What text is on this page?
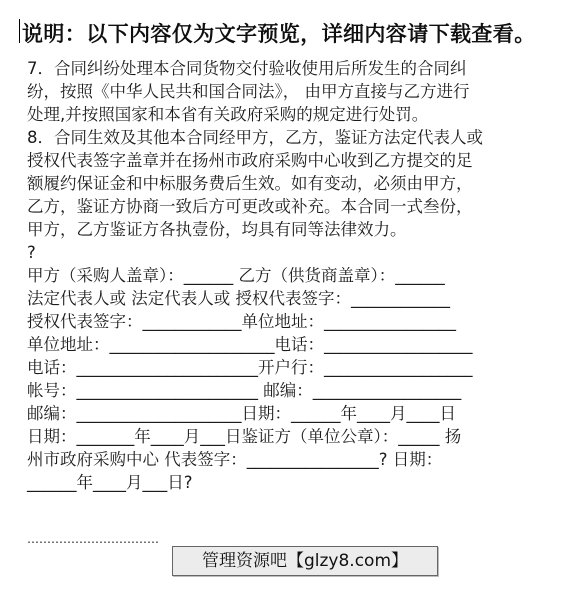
说明：以下内容仅为文字预览，详细内容请下载查看。
7．合同纠纷处理本合同货物交付验收使用后所发生的合同纠
纷，按照《中华人民共和国合同法》， 由甲方直接与乙方进行
处理,并按照国家和本省有关政府采购的规定进行处罚。
8．合同生效及其他本合同经甲方，乙方，鉴证方法定代表人或
授权代表签字盖章并在扬州市政府采购中心收到乙方提交的足
额履约保证金和中标服务费后生效。如有变动，必须由甲方，
乙方，鉴证方协商一致后方可更改或补充。本合同一式叁份，
甲方，乙方鉴证方各执壹份，均具有同等法律效力。
?
甲方（采购人盖章）：______ 乙方（供货商盖章）：______
法定代表人或 法定代表人或 授权代表签字：____________
授权代表签字：____________单位地址：________________
单位地址：____________________电话：__________________
电话：______________________开户行：__________________
帐号：______________________ 邮编：__________________
邮编：____________________日期：______年____月____日
日期：_______年____月___日鉴证方（单位公章）：_____ 扬
州市政府采购中心 代表签字：________________? 日期：
______年____月___日?
……………………………
管理资源吧【glzy8.com】
